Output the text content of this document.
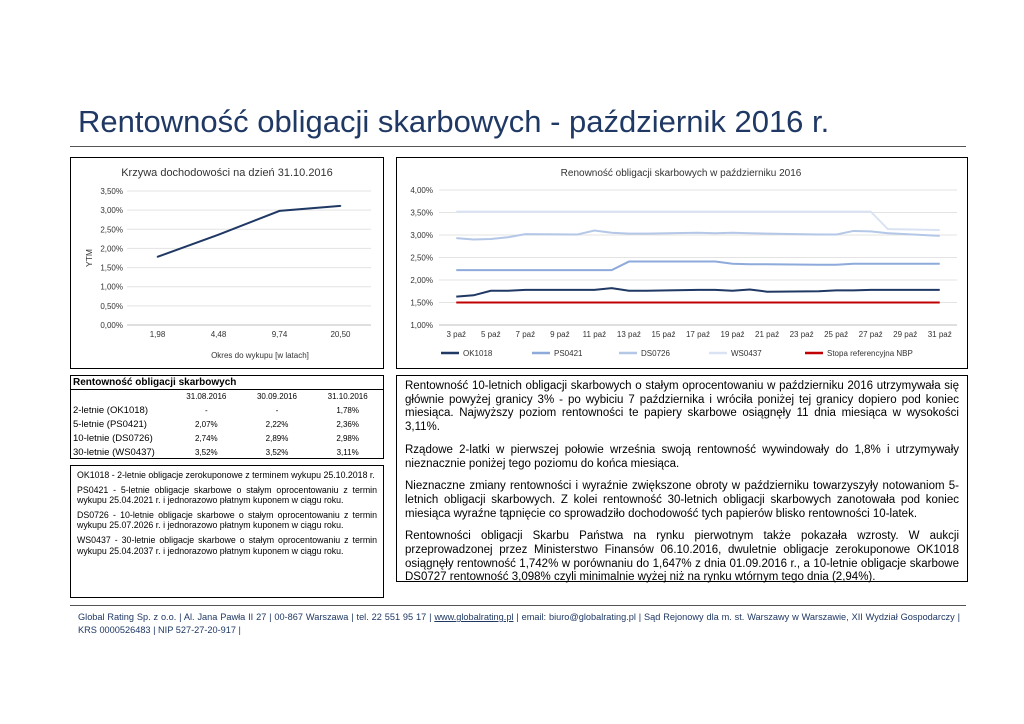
Rentowność obligacji skarbowych - październik 2016 r.
Krzywa dochodowości na dzień 31.10.2016
YTM
Okres do wykupu [w latach]
0,00%
0,50%
1,00%
1,50%
2,00%
2,50%
3,00%
3,50%
1,98	4,48	9,74	20,50
Renowność obligacji skarbowych w październiku 2016
1,00%
1,50%
2,00%
2,50%
3,00%
3,50%
4,00%
3 paź 5 paź 7 paź 9 paź 11 paź 13 paź 15 paź 17 paź 19 paź 21 paź 23 paź 25 paź 27 paź 29 paź 31 paź
OK1018	PS0421	DS0726	WS0437	Stopa referencyjna NBP
Rentowność obligacji skarbowych
	31.08.2016	30.09.2016	31.10.2016
2-letnie (OK1018)	-	-	1,78%
5-letnie (PS0421)	2,07%	2,22%	2,36%
10-letnie (DS0726)	2,74%	2,89%	2,98%
30-letnie (WS0437)	3,52%	3,52%	3,11%
OK1018 - 2-letnie obligacje zerokuponowe z terminem wykupu 25.10.2018 r.
PS0421 - 5-letnie obligacje skarbowe o stałym oprocentowaniu z termin wykupu 25.04.2021 r. i jednorazowo płatnym kuponem w ciągu roku.
DS0726 - 10-letnie obligacje skarbowe o stałym oprocentowaniu z termin wykupu 25.07.2026 r. i jednorazowo płatnym kuponem w ciągu roku.
WS0437 - 30-letnie obligacje skarbowe o stałym oprocentowaniu z termin wykupu 25.04.2037 r. i jednorazowo płatnym kuponem w ciągu roku.
Rentowność 10-letnich obligacji skarbowych o stałym oprocentowaniu w październiku 2016 utrzymywała się głównie powyżej granicy 3% - po wybiciu 7 października i wróciła poniżej tej granicy dopiero pod koniec miesiąca. Najwyższy poziom rentowności te papiery skarbowe osiągnęły 11 dnia miesiąca w wysokości 3,11%.
Rządowe 2-latki w pierwszej połowie września swoją rentowność wywindowały do 1,8% i utrzymywały nieznacznie poniżej tego poziomu do końca miesiąca.
Nieznaczne zmiany rentowności i wyraźnie zwiększone obroty w październiku towarzyszyły notowaniom 5-letnich obligacji skarbowych. Z kolei rentowność 30-letnich obligacji skarbowych zanotowała pod koniec miesiąca wyraźne tąpnięcie co sprowadziło dochodowość tych papierów blisko rentowności 10-latek.
Rentowności obligacji Skarbu Państwa na rynku pierwotnym także pokazała wzrosty. W aukcji przeprowadzonej przez Ministerstwo Finansów 06.10.2016, dwuletnie obligacje zerokuponowe OK1018 osiągnęły rentowność 1,742% w porównaniu do 1,647% z dnia 01.09.2016 r., a 10-letnie obligacje skarbowe DS0727 rentowność 3,098% czyli minimalnie wyżej niż na rynku wtórnym tego dnia (2,94%).
Global Rating Sp. z o.o. | Al. Jana Pawła II 27 | 00-867 Warszawa | tel. 22 551 95 17 | www.globalrating.pl | email: biuro@globalrating.pl | Sąd Rejonowy dla m. st. Warszawy w Warszawie, XII Wydział Gospodarczy | KRS 0000526483 | NIP 527-27-20-917 |
